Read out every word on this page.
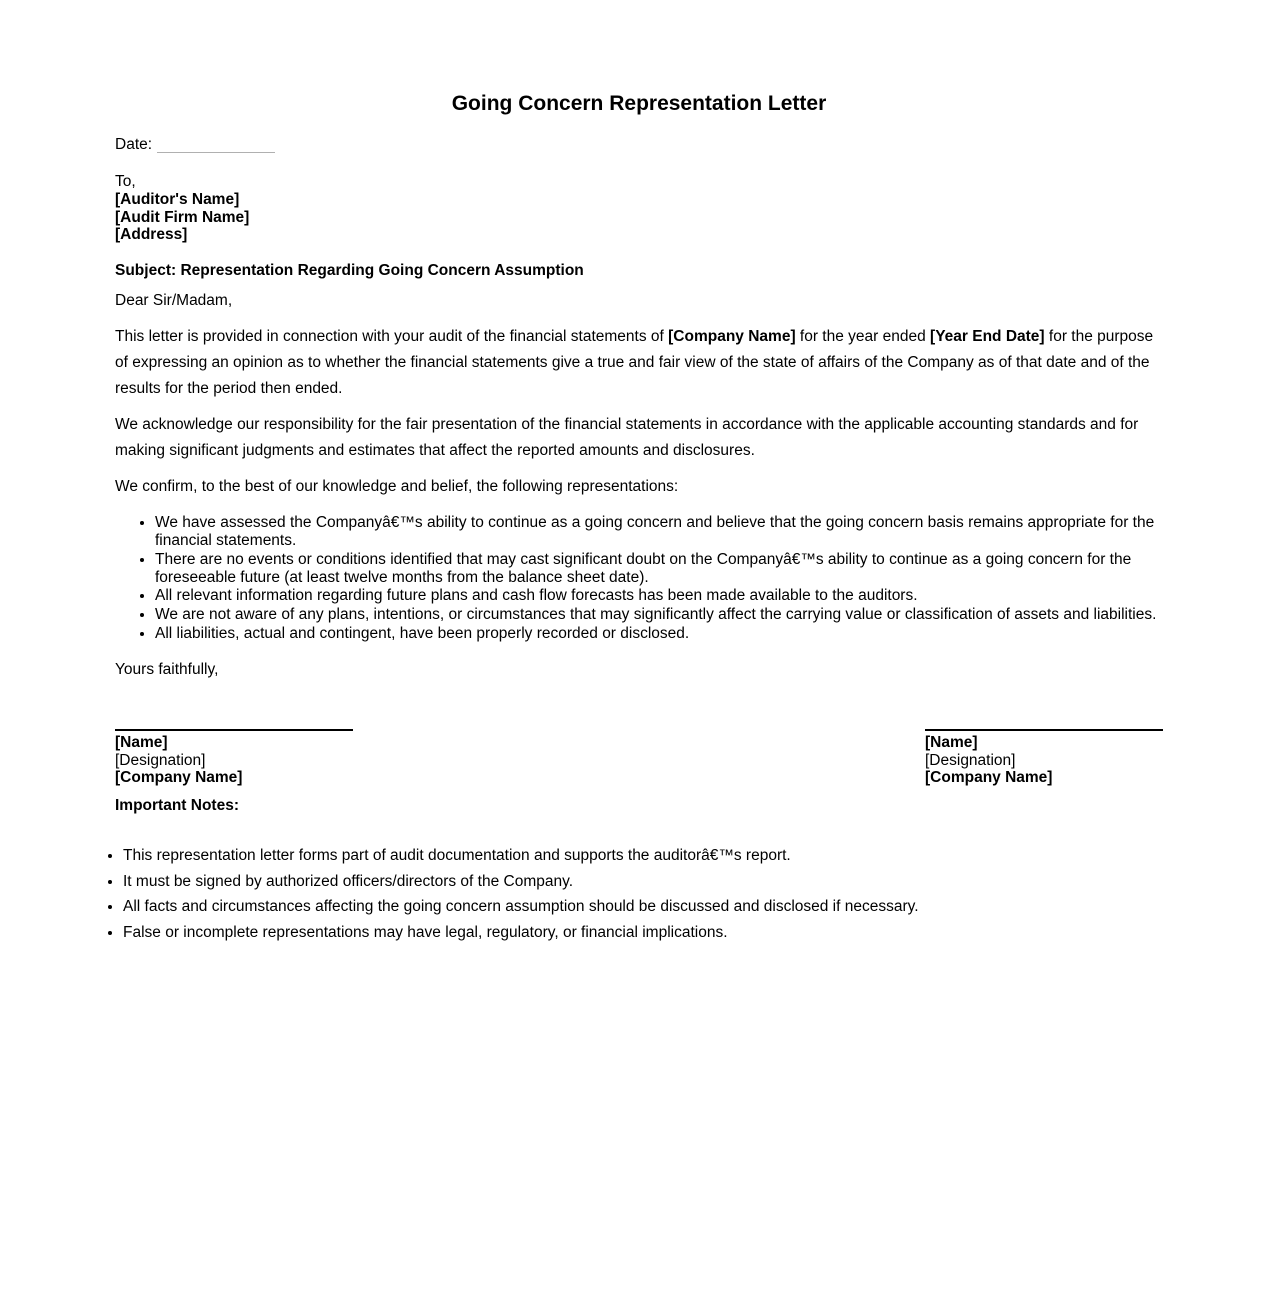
Going Concern Representation Letter
Date:
To,
[Auditor's Name]
[Audit Firm Name]
[Address]
Subject: Representation Regarding Going Concern Assumption

Dear Sir/Madam,

This letter is provided in connection with your audit of the financial statements of [Company Name] for the year ended [Year End Date] for the purpose of expressing an opinion as to whether the financial statements give a true and fair view of the state of affairs of the Company as of that date and of the results for the period then ended.

We acknowledge our responsibility for the fair presentation of the financial statements in accordance with the applicable accounting standards and for making significant judgments and estimates that affect the reported amounts and disclosures.

We confirm, to the best of our knowledge and belief, the following representations:

• We have assessed the Companyâ€™s ability to continue as a going concern and believe that the going concern basis remains appropriate for the financial statements.
• There are no events or conditions identified that may cast significant doubt on the Companyâ€™s ability to continue as a going concern for the foreseeable future (at least twelve months from the balance sheet date).
• All relevant information regarding future plans and cash flow forecasts has been made available to the auditors.
• We are not aware of any plans, intentions, or circumstances that may significantly affect the carrying value or classification of assets and liabilities.
• All liabilities, actual and contingent, have been properly recorded or disclosed.

Yours faithfully,

[Name]
[Designation]
[Company Name]
[Name]
[Designation]
[Company Name]
Important Notes:
• This representation letter forms part of audit documentation and supports the auditorâ€™s report.
• It must be signed by authorized officers/directors of the Company.
• All facts and circumstances affecting the going concern assumption should be discussed and disclosed if necessary.
• False or incomplete representations may have legal, regulatory, or financial implications.
